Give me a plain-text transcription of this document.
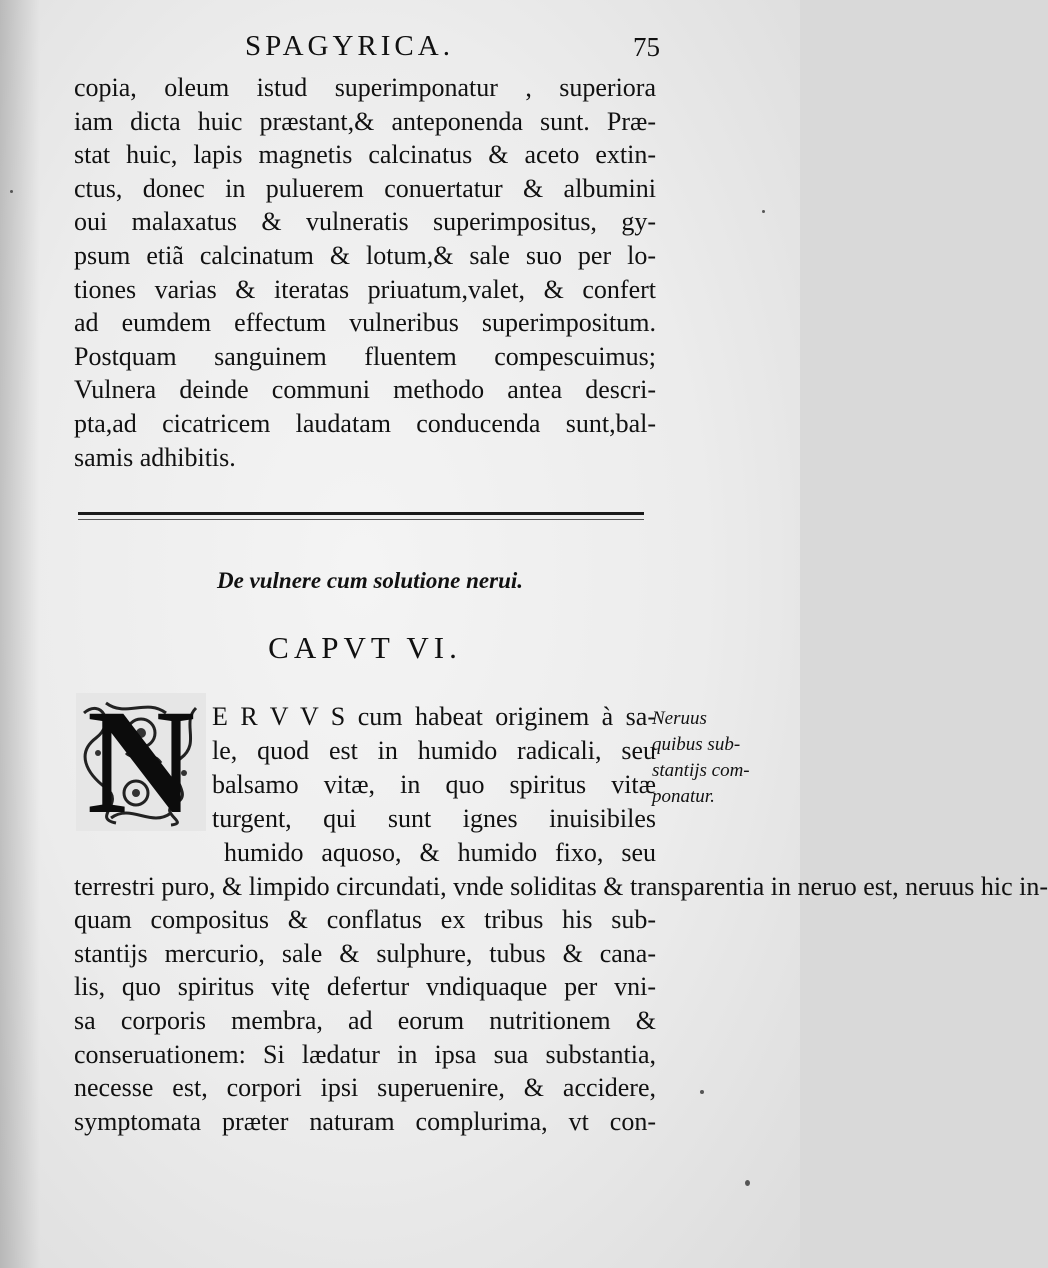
SPAGYRICA.	75
copia, oleum istud superimponatur , superiora
iam dicta huic præstant,& anteponenda sunt. Præ-
stat huic, lapis magnetis calcinatus & aceto extin-
ctus, donec in puluerem conuertatur & albumini
oui malaxatus & vulneratis superimpositus, gy-
psum etiã calcinatum & lotum,& sale suo per lo-
tiones varias & iteratas priuatum,valet, & confert
ad eumdem effectum vulneribus superimpositum.
Postquam sanguinem fluentem compescuimus;
Vulnera deinde communi methodo antea descri-
pta,ad cicatricem laudatam conducenda sunt,bal-
samis adhibitis.
De vulnere cum solutione nerui.
CAPVT VI.
N E R V V S cum habeat originem à sa-
le, quod est in humido radicali, seu
balsamo vitæ, in quo spiritus vitæ
turgent, qui sunt ignes inuisibiles
humido aquoso, & humido fixo, seu
terrestri puro, & limpido circundati, vnde soliditas & transparentia in neruo est, neruus hic in-
quam compositus & conflatus ex tribus his sub-
stantijs mercurio, sale & sulphure, tubus & cana-
lis, quo spiritus vitę defertur vndiquaque per vni-
sa corporis membra, ad eorum nutritionem &
conseruationem: Si lædatur in ipsa sua substantia,
necesse est, corpori ipsi superuenire, & accidere,
symptomata præter naturam complurima, vt con-
Neruus
quibus sub-
stantijs com-
ponatur.
